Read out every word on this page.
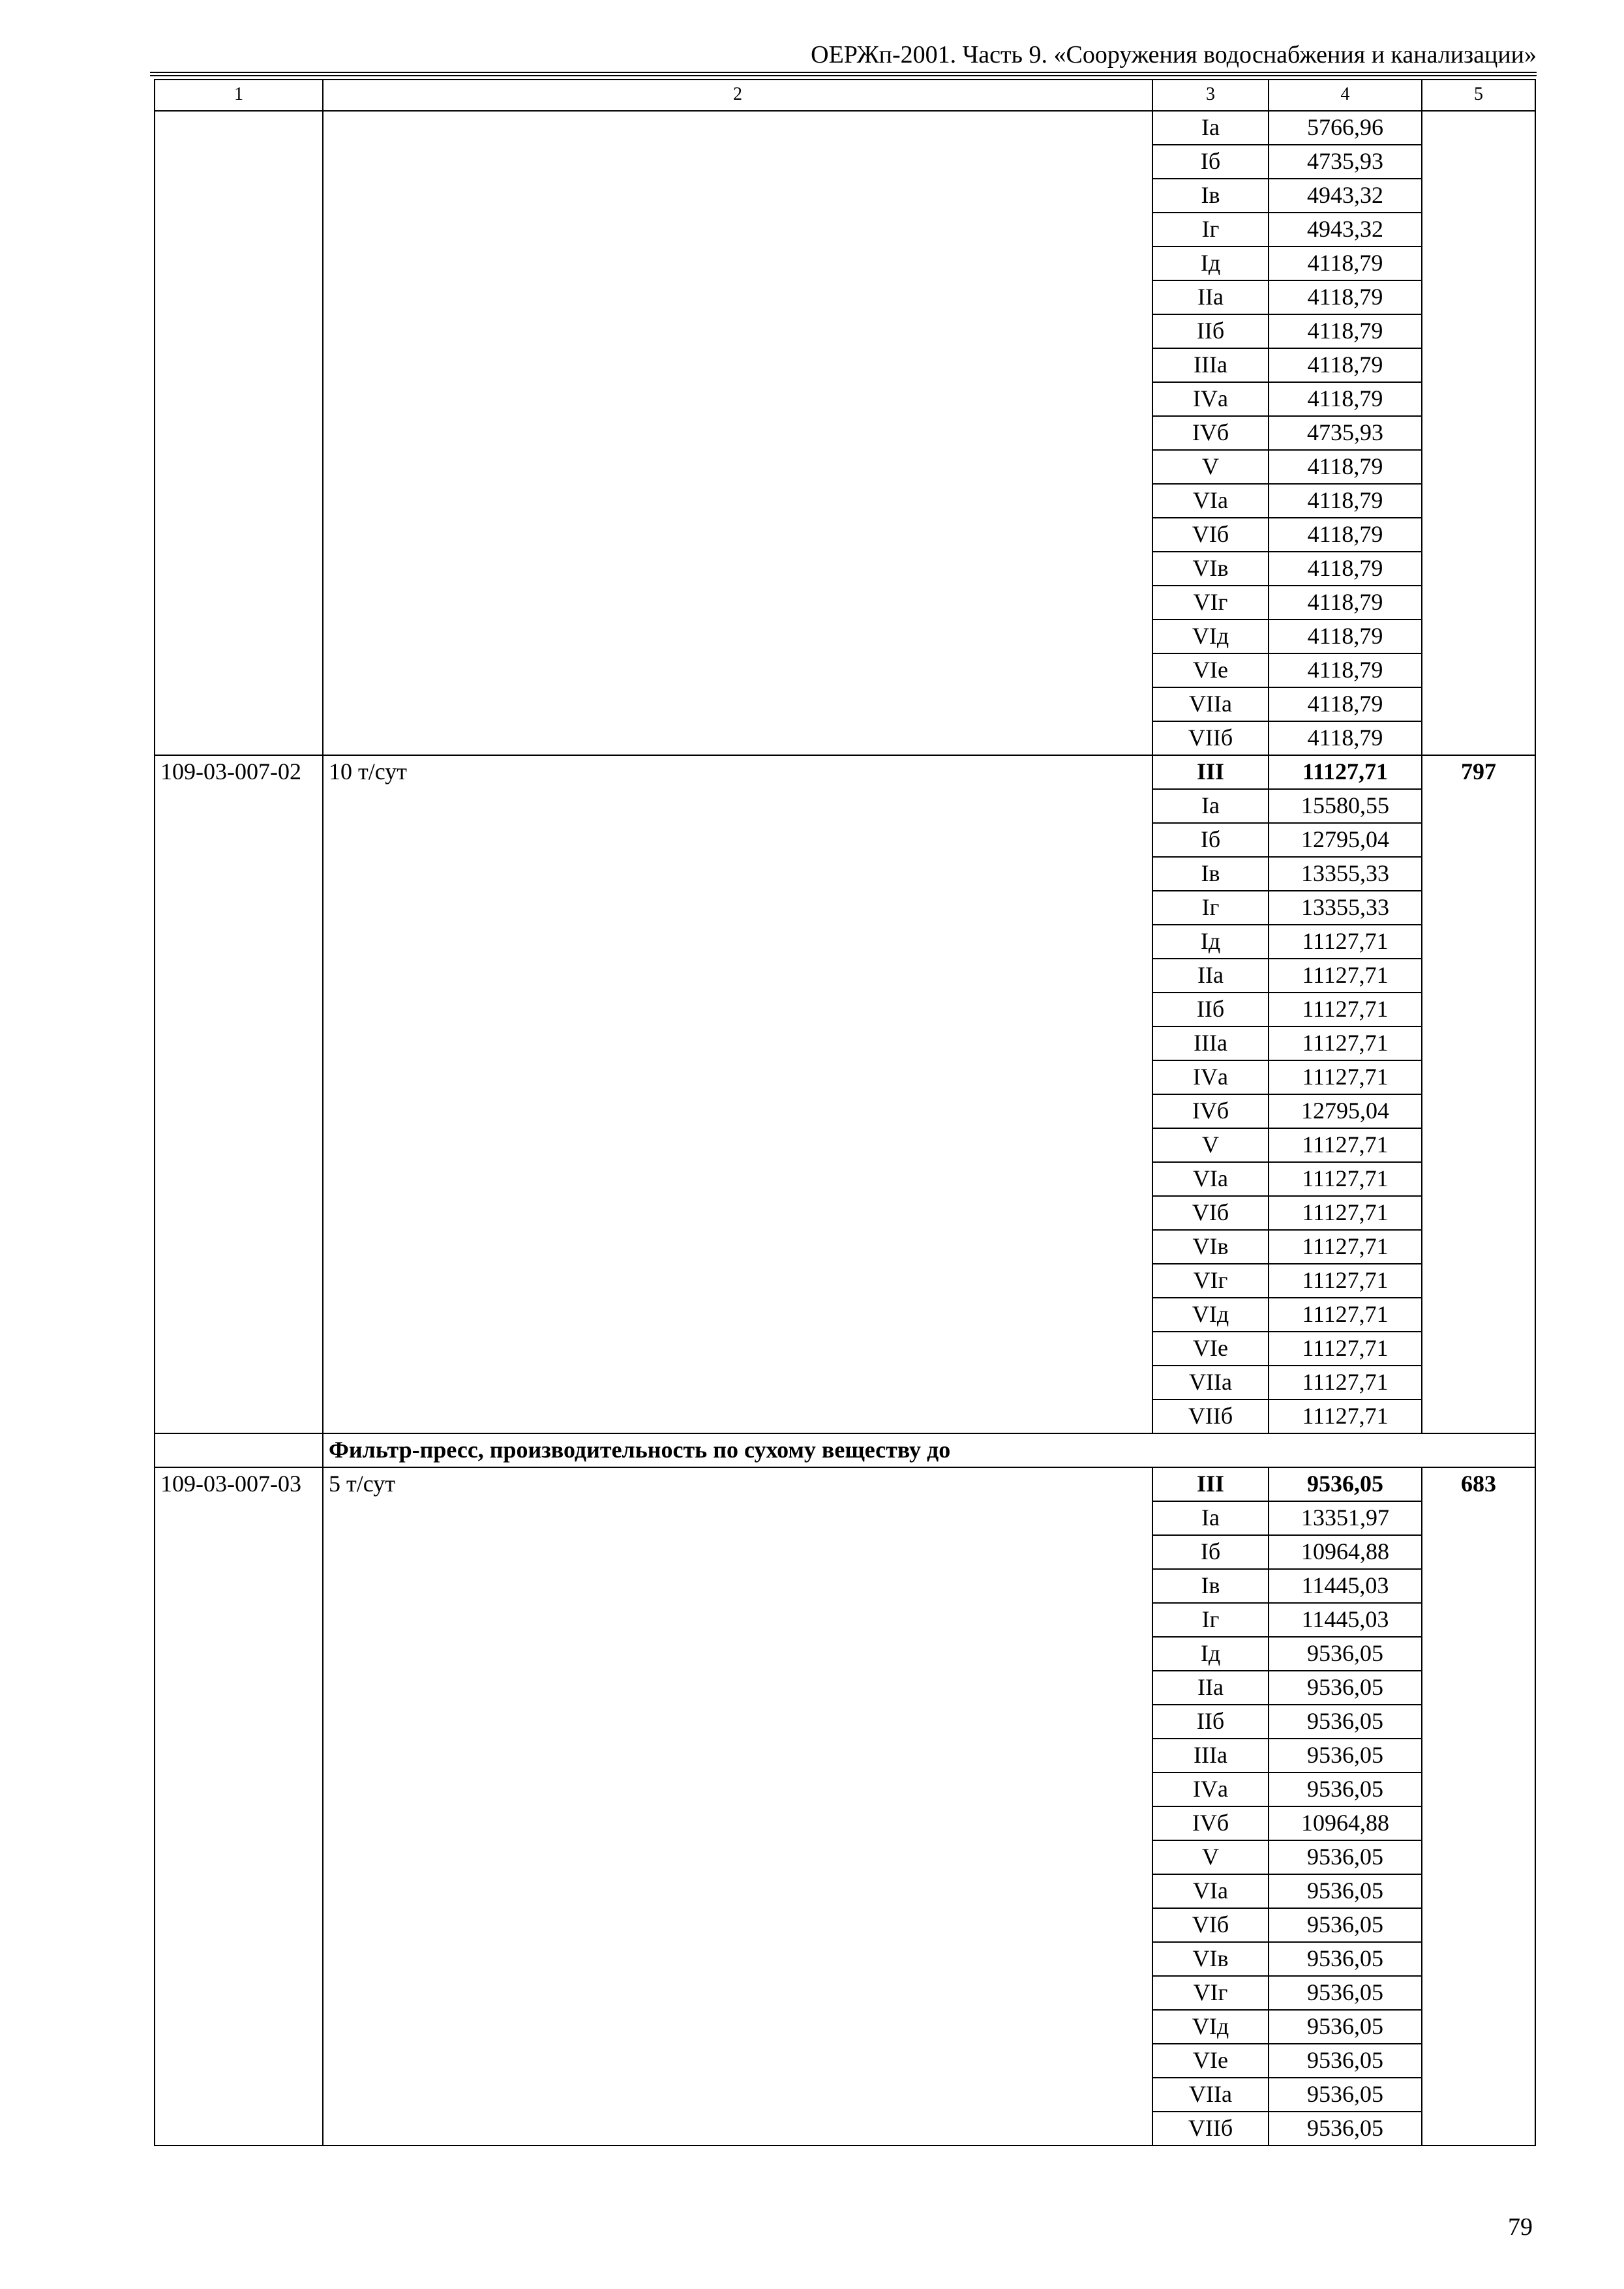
ОЕРЖп-2001. Часть 9. «Сооружения водоснабжения и канализации»
1	2	3	4	5
		Iа	5766,96	
		Iб	4735,93	
		Iв	4943,32	
		Iг	4943,32	
		Iд	4118,79	
		IIа	4118,79	
		IIб	4118,79	
		IIIа	4118,79	
		IVа	4118,79	
		IVб	4735,93	
		V	4118,79	
		VIа	4118,79	
		VIб	4118,79	
		VIв	4118,79	
		VIг	4118,79	
		VIд	4118,79	
		VIе	4118,79	
		VIIа	4118,79	
		VIIб	4118,79	
109-03-007-02	10 т/сут	III	11127,71	797
		Iа	15580,55	
		Iб	12795,04	
		Iв	13355,33	
		Iг	13355,33	
		Iд	11127,71	
		IIа	11127,71	
		IIб	11127,71	
		IIIа	11127,71	
		IVа	11127,71	
		IVб	12795,04	
		V	11127,71	
		VIа	11127,71	
		VIб	11127,71	
		VIв	11127,71	
		VIг	11127,71	
		VIд	11127,71	
		VIе	11127,71	
		VIIа	11127,71	
		VIIб	11127,71	
	Фильтр-пресс, производительность по сухому веществу до			
109-03-007-03	5 т/сут	III	9536,05	683
		Iа	13351,97	
		Iб	10964,88	
		Iв	11445,03	
		Iг	11445,03	
		Iд	9536,05	
		IIа	9536,05	
		IIб	9536,05	
		IIIа	9536,05	
		IVа	9536,05	
		IVб	10964,88	
		V	9536,05	
		VIа	9536,05	
		VIб	9536,05	
		VIв	9536,05	
		VIг	9536,05	
		VIд	9536,05	
		VIе	9536,05	
		VIIа	9536,05	
		VIIб	9536,05	
79
